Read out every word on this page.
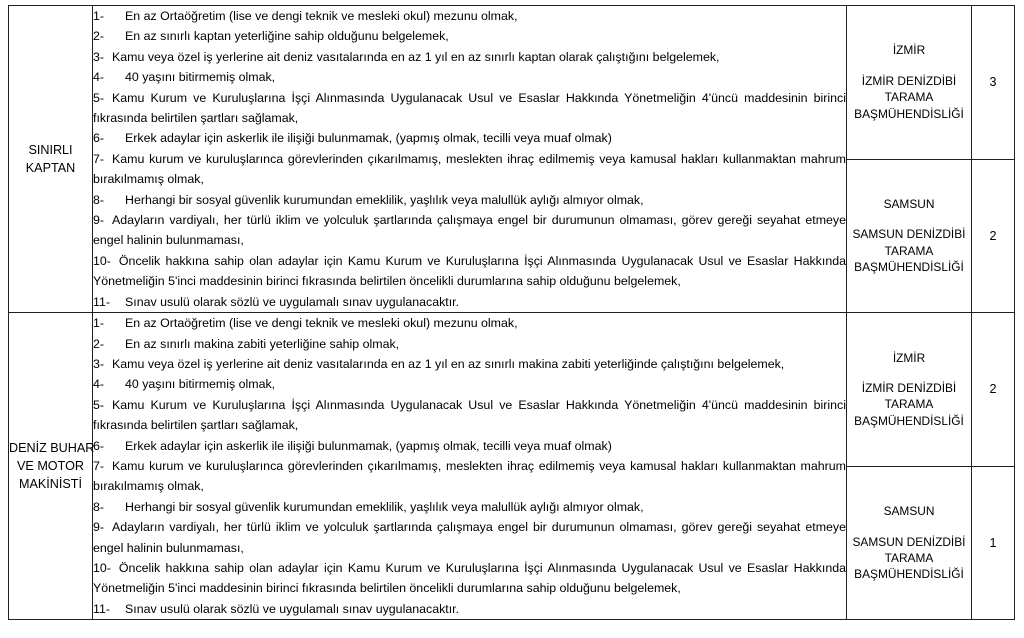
SINIRLI
KAPTAN

1-	En az Ortaöğretim (lise ve dengi teknik ve mesleki okul) mezunu olmak,
2-	En az sınırlı kaptan yeterliğine sahip olduğunu belgelemek,
3- Kamu veya özel iş yerlerine ait deniz vasıtalarında en az 1 yıl en az sınırlı kaptan olarak çalıştığını belgelemek,
4-	40 yaşını bitirmemiş olmak,
5- Kamu Kurum ve Kuruluşlarına İşçi Alınmasında Uygulanacak Usul ve Esaslar Hakkında Yönetmeliğin 4'üncü maddesinin birinci fıkrasında belirtilen şartları sağlamak,
6-	Erkek adaylar için askerlik ile ilişiği bulunmamak, (yapmış olmak, tecilli veya muaf olmak)
7- Kamu kurum ve kuruluşlarınca görevlerinden çıkarılmamış, meslekten ihraç edilmemiş veya kamusal hakları kullanmaktan mahrum bırakılmamış olmak,
8-	Herhangi bir sosyal güvenlik kurumundan emeklilik, yaşlılık veya malullük aylığı almıyor olmak,
9- Adayların vardiyalı, her türlü iklim ve yolculuk şartlarında çalışmaya engel bir durumunun olmaması, görev gereği seyahat etmeye engel halinin bulunmaması,
10- Öncelik hakkına sahip olan adaylar için Kamu Kurum ve Kuruluşlarına İşçi Alınmasında Uygulanacak Usul ve Esaslar Hakkında Yönetmeliğin 5'inci maddesinin birinci fıkrasında belirtilen öncelikli durumlarına sahip olduğunu belgelemek,
11-	Sınav usulü olarak sözlü ve uygulamalı sınav uygulanacaktır.

İZMİR
İZMİR DENİZDİBİ
TARAMA
BAŞMÜHENDİSLİĞİ
	3

		SAMSUN
SAMSUN DENİZDİBİ
TARAMA
BAŞMÜHENDİSLİĞİ	2

DENİZ BUHAR
VE MOTOR
MAKİNİSTİ

1-	En az Ortaöğretim (lise ve dengi teknik ve mesleki okul) mezunu olmak,
2-	En az sınırlı makina zabiti yeterliğine sahip olmak,
3- Kamu veya özel iş yerlerine ait deniz vasıtalarında en az 1 yıl en az sınırlı makina zabiti yeterliğinde çalıştığını belgelemek,
4-	40 yaşını bitirmemiş olmak,
5- Kamu Kurum ve Kuruluşlarına İşçi Alınmasında Uygulanacak Usul ve Esaslar Hakkında Yönetmeliğin 4'üncü maddesinin birinci fıkrasında belirtilen şartları sağlamak,
6-	Erkek adaylar için askerlik ile ilişiği bulunmamak, (yapmış olmak, tecilli veya muaf olmak)
7- Kamu kurum ve kuruluşlarınca görevlerinden çıkarılmamış, meslekten ihraç edilmemiş veya kamusal hakları kullanmaktan mahrum bırakılmamış olmak,
8-	Herhangi bir sosyal güvenlik kurumundan emeklilik, yaşlılık veya malullük aylığı almıyor olmak,
9- Adayların vardiyalı, her türlü iklim ve yolculuk şartlarında çalışmaya engel bir durumunun olmaması, görev gereği seyahat etmeye engel halinin bulunmaması,
10- Öncelik hakkına sahip olan adaylar için Kamu Kurum ve Kuruluşlarına İşçi Alınmasında Uygulanacak Usul ve Esaslar Hakkında Yönetmeliğin 5'inci maddesinin birinci fıkrasında belirtilen öncelikli durumlarına sahip olduğunu belgelemek,
11-	Sınav usulü olarak sözlü ve uygulamalı sınav uygulanacaktır.

İZMİR
İZMİR DENİZDİBİ
TARAMA
BAŞMÜHENDİSLİĞİ
	2

		SAMSUN
SAMSUN DENİZDİBİ
TARAMA
BAŞMÜHENDİSLİĞİ	1
